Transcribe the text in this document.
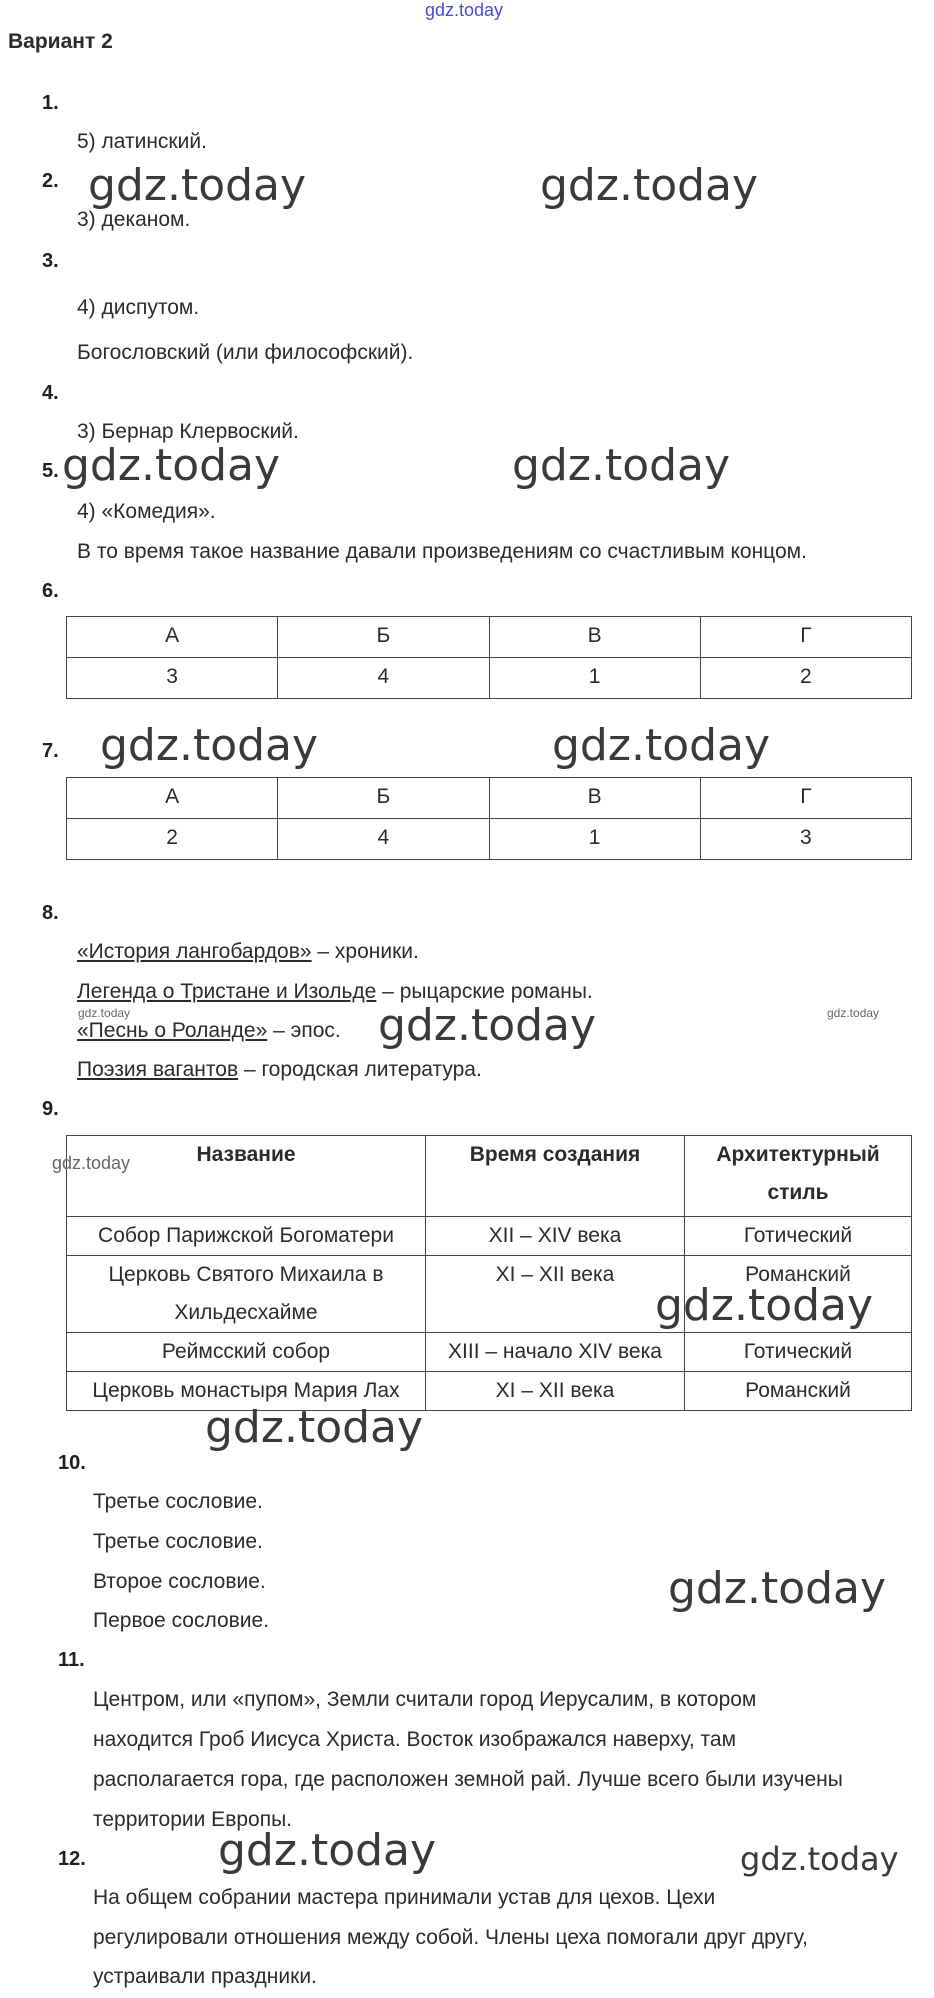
gdz.today
Вариант 2
1.
5) латинский.
2.
3) деканом.
3.
4) диспутом.
Богословский (или философский).
4.
3) Бернар Клервоский.
5.
4) «Комедия».
В то время такое название давали произведениям со счастливым концом.
6.
А	Б	В	Г
3	4	1	2
7.
А	Б	В	Г
2	4	1	3
8.
«История лангобардов» – хроники.
Легенда о Тристане и Изольде – рыцарские романы.
«Песнь о Роланде» – эпос.
Поэзия вагантов – городская литература.
9.
Название	Время создания	Архитектурный стиль
Собор Парижской Богоматери	XII – XIV века	Готический
Церковь Святого Михаила в Хильдесхайме	XI – XII века	Романский
Реймсский собор	XIII – начало XIV века	Готический
Церковь монастыря Мария Лах	XI – XII века	Романский
10.
Третье сословие.
Третье сословие.
Второе сословие.
Первое сословие.
11.
Центром, или «пупом», Земли считали город Иерусалим, в котором
находится Гроб Иисуса Христа. Восток изображался наверху, там
располагается гора, где расположен земной рай. Лучше всего были изучены
территории Европы.
12.
На общем собрании мастера принимали устав для цехов. Цехи
регулировали отношения между собой. Члены цеха помогали друг другу,
устраивали праздники.
gdz.today	gdz.today
gdz.today	gdz.today
gdz.today	gdz.today
gdz.today
gdz.today
gdz.today
gdz.today
gdz.today	gdz.today
gdz.today	gdz.today
gdz.today
